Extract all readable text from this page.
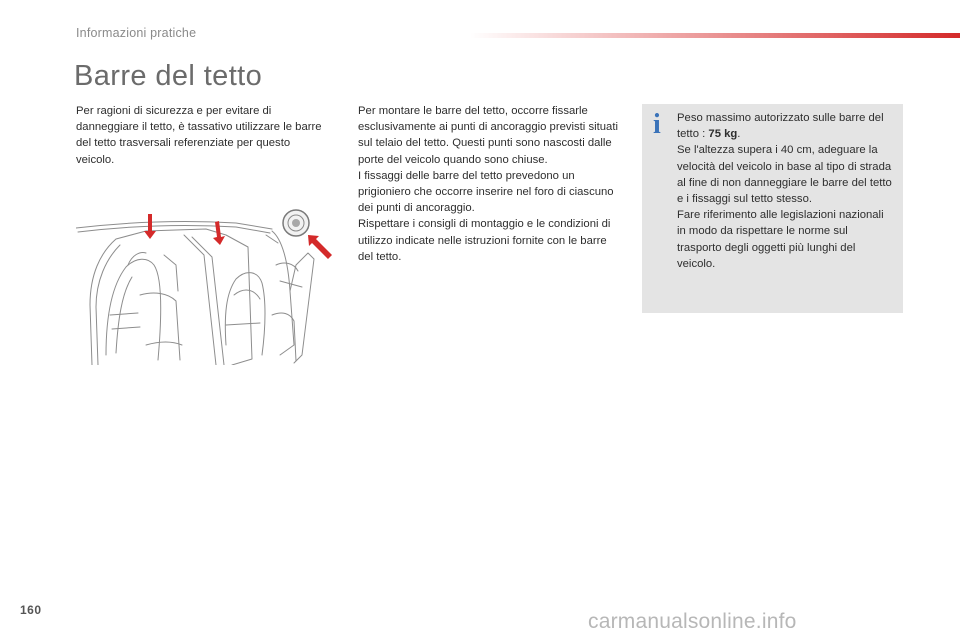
Informazioni pratiche
Barre del tetto

Per ragioni di sicurezza e per evitare di danneggiare il tetto, è tassativo utilizzare le barre del tetto trasversali referenziate per questo veicolo.

Per montare le barre del tetto, occorre fissarle esclusivamente ai punti di ancoraggio previsti situati sul telaio del tetto. Questi punti sono nascosti dalle porte del veicolo quando sono chiuse.

I fissaggi delle barre del tetto prevedono un prigioniero che occorre inserire nel foro di ciascuno dei punti di ancoraggio.

Rispettare i consigli di montaggio e le condizioni di utilizzo indicate nelle istruzioni fornite con le barre del tetto.

i Peso massimo autorizzato sulle barre del tetto : 75 kg.

Se l'altezza supera i 40 cm, adeguare la velocità del veicolo in base al tipo di strada al fine di non danneggiare le barre del tetto e i fissaggi sul tetto stesso.

Fare riferimento alle legislazioni nazionali in modo da rispettare le norme sul trasporto degli oggetti più lunghi del veicolo.

160	carmanualsonline.info
